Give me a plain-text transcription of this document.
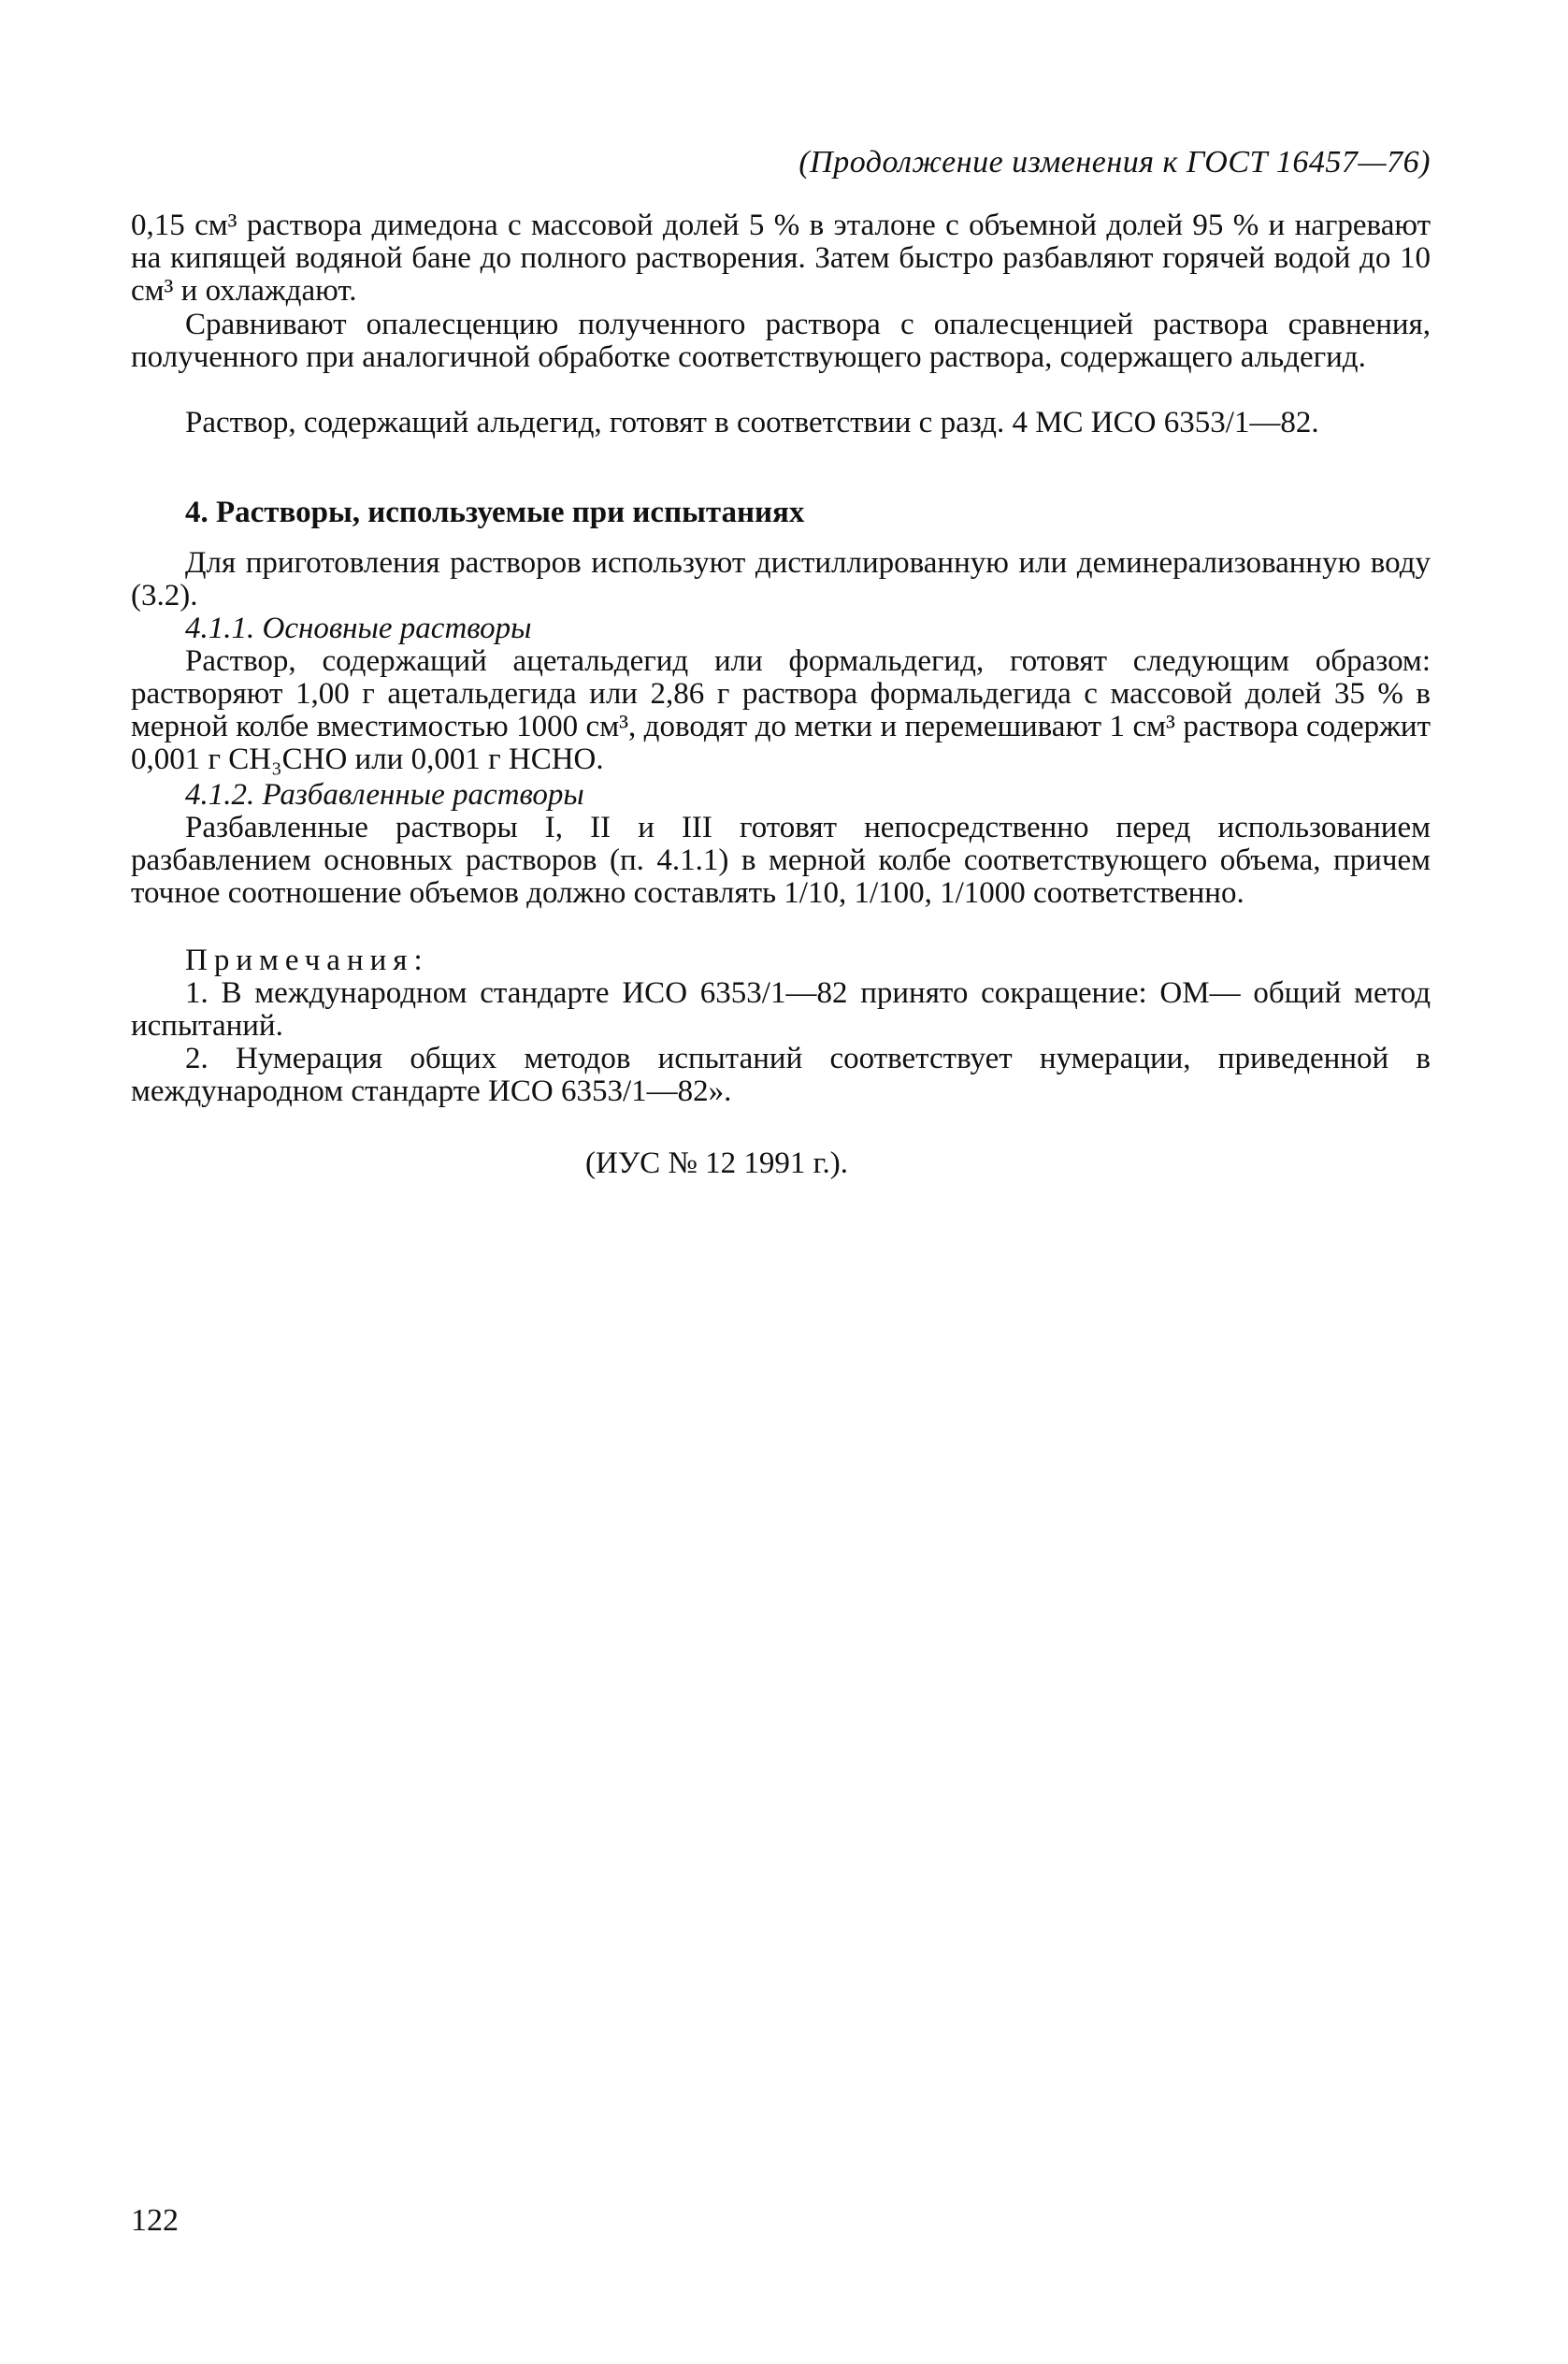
(Продолжение изменения к ГОСТ 16457—76)

0,15 см³ раствора димедона с массовой долей 5 % в эталоне с объемной долей 95 % и нагревают на кипящей водяной бане до полного растворения. Затем быстро разбавляют горячей водой до 10 см³ и охлаждают.

Сравнивают опалесценцию полученного раствора с опалесценцией раствора сравнения, полученного при аналогичной обработке соответствующего раствора, содержащего альдегид.

Раствор, содержащий альдегид, готовят в соответствии с разд. 4 МС ИСО 6353/1—82.

4. Растворы, используемые при испытаниях

Для приготовления растворов используют дистиллированную или деминерализованную воду (3.2).

4.1.1. Основные растворы

Раствор, содержащий ацетальдегид или формальдегид, готовят следующим образом: растворяют 1,00 г ацетальдегида или 2,86 г раствора формальдегида с массовой долей 35 % в мерной колбе вместимостью 1000 см³, доводят до метки и перемешивают 1 см³ раствора содержит 0,001 г CH₃CHO или 0,001 г HCHO.

4.1.2. Разбавленные растворы

Разбавленные растворы I, II и III готовят непосредственно перед использованием разбавлением основных растворов (п. 4.1.1) в мерной колбе соответствующего объема, причем точное соотношение объемов должно составлять 1/10, 1/100, 1/1000 соответственно.

Примечания:

1. В международном стандарте ИСО 6353/1—82 принято сокращение: ОМ— общий метод испытаний.

2. Нумерация общих методов испытаний соответствует нумерации, приведенной в международном стандарте ИСО 6353/1—82».

(ИУС № 12 1991 г.).
122
